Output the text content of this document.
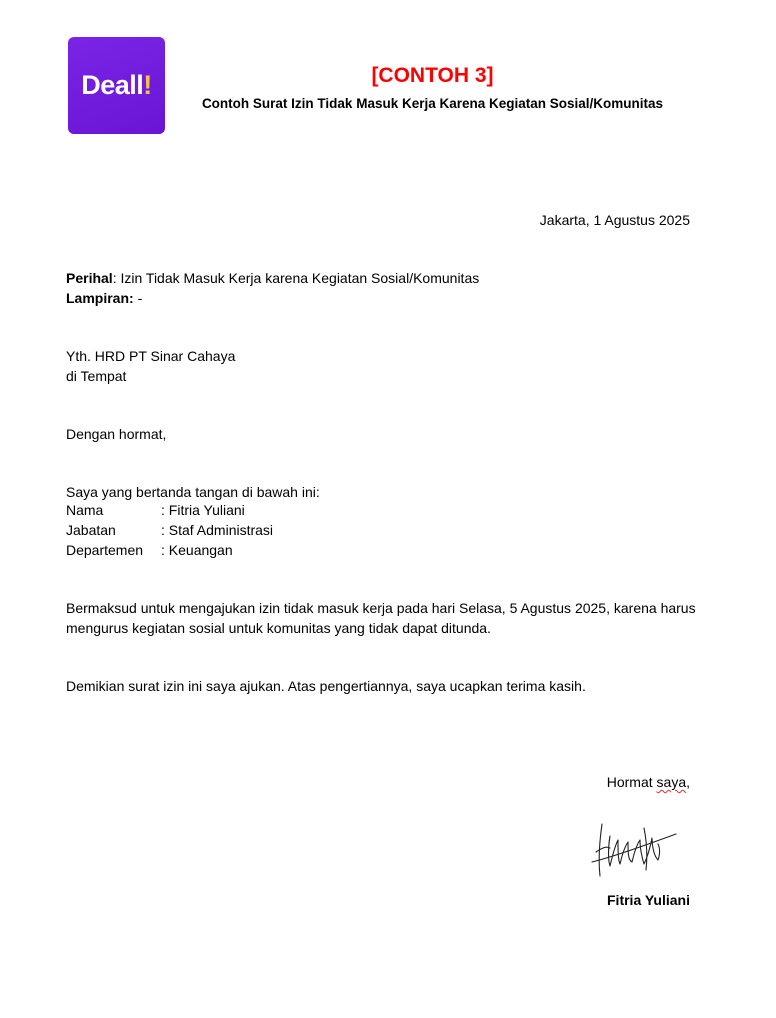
Deall!	[CONTOH 3]
Contoh Surat Izin Tidak Masuk Kerja Karena Kegiatan Sosial/Komunitas
Jakarta, 1 Agustus 2025
Perihal: Izin Tidak Masuk Kerja karena Kegiatan Sosial/Komunitas
Lampiran: -
Yth. HRD PT Sinar Cahaya
di Tempat
Dengan hormat,
Saya yang bertanda tangan di bawah ini:
Nama	: Fitria Yuliani
Jabatan	: Staf Administrasi
Departemen : Keuangan
Bermaksud untuk mengajukan izin tidak masuk kerja pada hari Selasa, 5 Agustus 2025, karena harus mengurus kegiatan sosial untuk komunitas yang tidak dapat ditunda.
Demikian surat izin ini saya ajukan. Atas pengertiannya, saya ucapkan terima kasih.
Hormat saya,
Fitria Yuliani
